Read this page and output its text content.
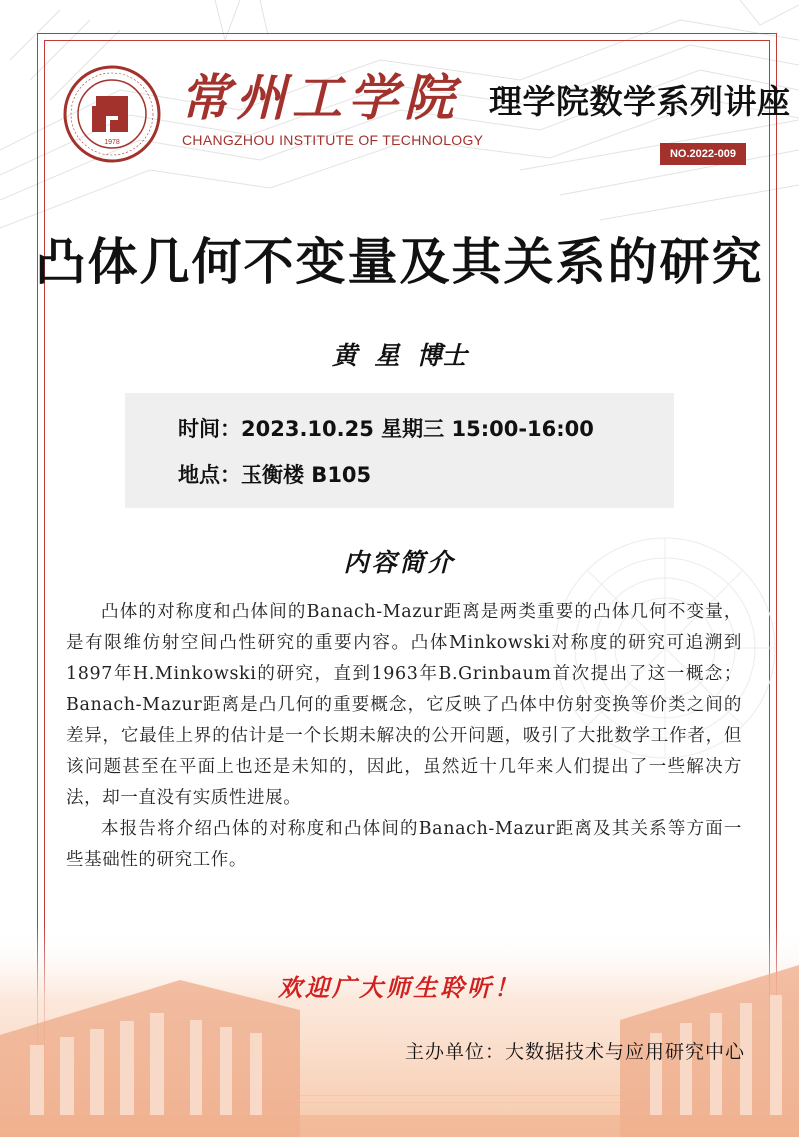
1978
常州工学院
CHANGZHOU INSTITUTE OF TECHNOLOGY
理学院数学系列讲座
NO.2022-009
凸体几何不变量及其关系的研究
黄  星  博士
时间：2023.10.25 星期三 15:00-16:00
地点：玉衡楼 B105
内容简介

凸体的对称度和凸体间的Banach-Mazur距离是两类重要的凸体几何不变量，是有限维仿射空间凸性研究的重要内容。凸体Minkowski对称度的研究可追溯到1897年H.Minkowski的研究，直到1963年B.Grinbaum首次提出了这一概念；Banach-Mazur距离是凸几何的重要概念，它反映了凸体中仿射变换等价类之间的差异，它最佳上界的估计是一个长期未解决的公开问题，吸引了大批数学工作者，但该问题甚至在平面上也还是未知的，因此，虽然近十几年来人们提出了一些解决方法，却一直没有实质性进展。

本报告将介绍凸体的对称度和凸体间的Banach-Mazur距离及其关系等方面一些基础性的研究工作。

欢迎广大师生聆听！
主办单位：大数据技术与应用研究中心
